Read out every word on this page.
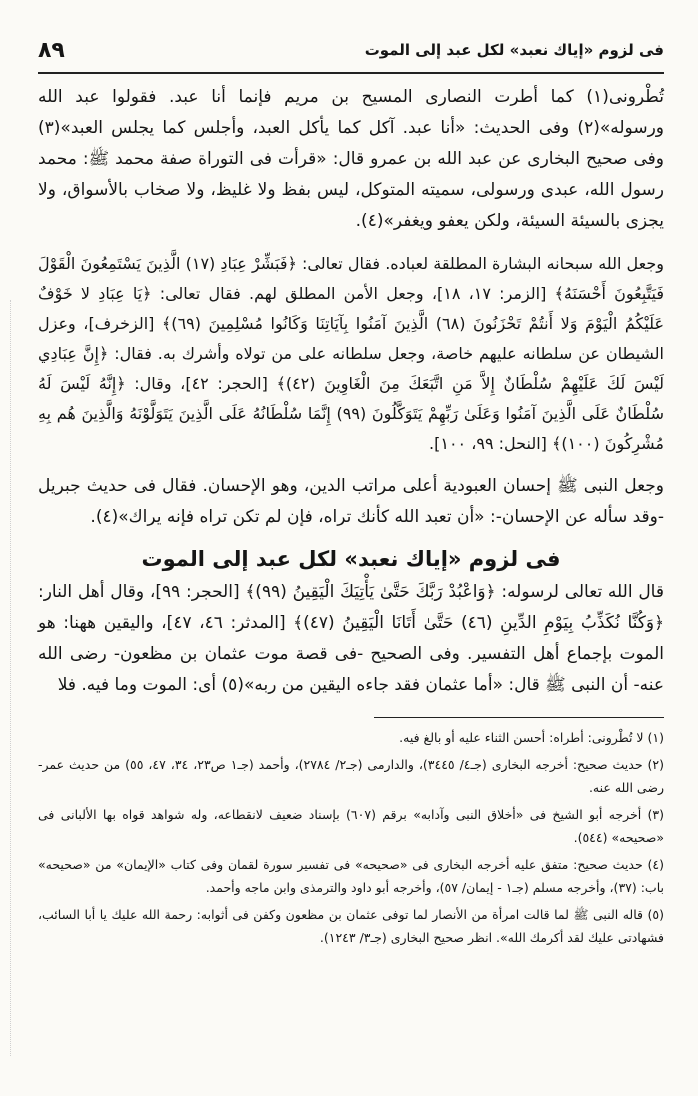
فى لزوم «إياك نعبد» لكل عبد إلى الموت
٨٩

تُطْرونى(١) كما أطرت النصارى المسيح بن مريم فإنما أنا عبد. فقولوا عبد الله ورسوله»(٢) وفى الحديث: «أنا عبد. آكل كما يأكل العبد، وأجلس كما يجلس العبد»(٣) وفى صحيح البخارى عن عبد الله بن عمرو قال: «قرأت فى التوراة صفة محمد ﷺ: محمد رسول الله، عبدى ورسولى، سميته المتوكل، ليس بفظ ولا غليظ، ولا صخاب بالأسواق، ولا يجزى بالسيئة السيئة، ولكن يعفو ويغفر»(٤).

وجعل الله سبحانه البشارة المطلقة لعباده. فقال تعالى: ﴿فَبَشِّرْ عِبَادِ (١٧) الَّذِينَ يَسْتَمِعُونَ الْقَوْلَ فَيَتَّبِعُونَ أَحْسَنَهُ﴾ [الزمر: ١٧، ١٨]، وجعل الأمن المطلق لهم. فقال تعالى: ﴿يَا عِبَادِ لا خَوْفٌ عَلَيْكُمُ الْيَوْمَ وَلا أَنتُمْ تَحْزَنُونَ (٦٨) الَّذِينَ آمَنُوا بِآيَاتِنَا وَكَانُوا مُسْلِمِينَ (٦٩)﴾ [الزخرف]، وعزل الشيطان عن سلطانه عليهم خاصة، وجعل سلطانه على من تولاه وأشرك به. فقال: ﴿إِنَّ عِبَادِي لَيْسَ لَكَ عَلَيْهِمْ سُلْطَانٌ إِلاَّ مَنِ اتَّبَعَكَ مِنَ الْغَاوِينَ (٤٢)﴾ [الحجر: ٤٢]، وقال: ﴿إِنَّهُ لَيْسَ لَهُ سُلْطَانٌ عَلَى الَّذِينَ آمَنُوا وَعَلَىٰ رَبِّهِمْ يَتَوَكَّلُونَ (٩٩) إِنَّمَا سُلْطَانُهُ عَلَى الَّذِينَ يَتَوَلَّوْنَهُ وَالَّذِينَ هُم بِهِ مُشْرِكُونَ (١٠٠)﴾ [النحل: ٩٩، ١٠٠].

وجعل النبى ﷺ إحسان العبودية أعلى مراتب الدين، وهو الإحسان. فقال فى حديث جبريل -وقد سأله عن الإحسان-: «أن تعبد الله كأنك تراه، فإن لم تكن تراه فإنه يراك»(٤).

فى لزوم «إياك نعبد» لكل عبد إلى الموت

قال الله تعالى لرسوله: ﴿وَاعْبُدْ رَبَّكَ حَتَّىٰ يَأْتِيَكَ الْيَقِينُ (٩٩)﴾ [الحجر: ٩٩]، وقال أهل النار: ﴿وَكُنَّا نُكَذِّبُ بِيَوْمِ الدِّينِ (٤٦) حَتَّىٰ أَتَانَا الْيَقِينُ (٤٧)﴾ [المدثر: ٤٦، ٤٧]، واليقين ههنا: هو الموت بإجماع أهل التفسير. وفى الصحيح -فى قصة موت عثمان بن مظعون- رضى الله عنه- أن النبى ﷺ قال: «أما عثمان فقد جاءه اليقين من ربه»(٥) أى: الموت وما فيه. فلا

(١) لا تُطْرونى: أطراه: أحسن الثناء عليه أو بالغ فيه.

(٢) حديث صحيح: أخرجه البخارى (جـ٤/ ٣٤٤٥)، والدارمى (جـ٢/ ٢٧٨٤)، وأحمد (جـ١ ص٢٣، ٣٤، ٤٧، ٥٥) من حديث عمر- رضى الله عنه.

(٣) أخرجه أبو الشيخ فى «أخلاق النبى وآدابه» برقم (٦٠٧) بإسناد ضعيف لانقطاعه، وله شواهد قواه بها الألبانى فى «صحيحه» (٥٤٤).

(٤) حديث صحيح: متفق عليه أخرجه البخارى فى «صحيحه» فى تفسير سورة لقمان وفى كتاب «الإيمان» من «صحيحه» باب: (٣٧)، وأخرجه مسلم (جـ١ - إيمان/ ٥٧)، وأخرجه أبو داود والترمذى وابن ماجه وأحمد.

(٥) قاله النبى ﷺ لما قالت امرأة من الأنصار لما توفى عثمان بن مظعون وكفن فى أثوابه: رحمة الله عليك يا أبا السائب، فشهادتى عليك لقد أكرمك الله». انظر صحيح البخارى (جـ٣/ ١٢٤٣).
